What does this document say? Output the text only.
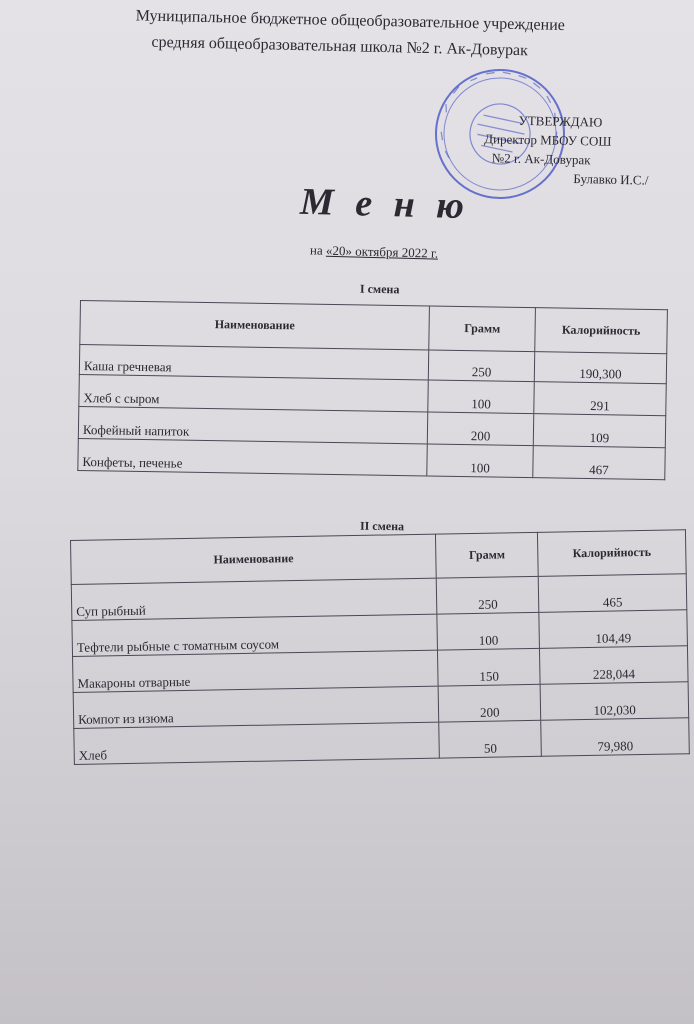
Муниципальное бюджетное общеобразовательное учреждение
средняя общеобразовательная школа №2 г. Ак-Довурак
УТВЕРЖДАЮ
Директор МБОУ СОШ
№2 г. Ак-Довурак
Булавко И.С./
М е н ю
на «20» октября 2022 г.
I смена
Наименование	Грамм	Калорийность
Каша гречневая	250	190,300
Хлеб с сыром	100	291
Кофейный напиток	200	109
Конфеты, печенье	100	467
II смена
Наименование	Грамм	Калорийность
Суп рыбный	250	465
Тефтели рыбные с томатным соусом	100	104,49
Макароны отварные	150	228,044
Компот из изюма	200	102,030
Хлеб	50	79,980
